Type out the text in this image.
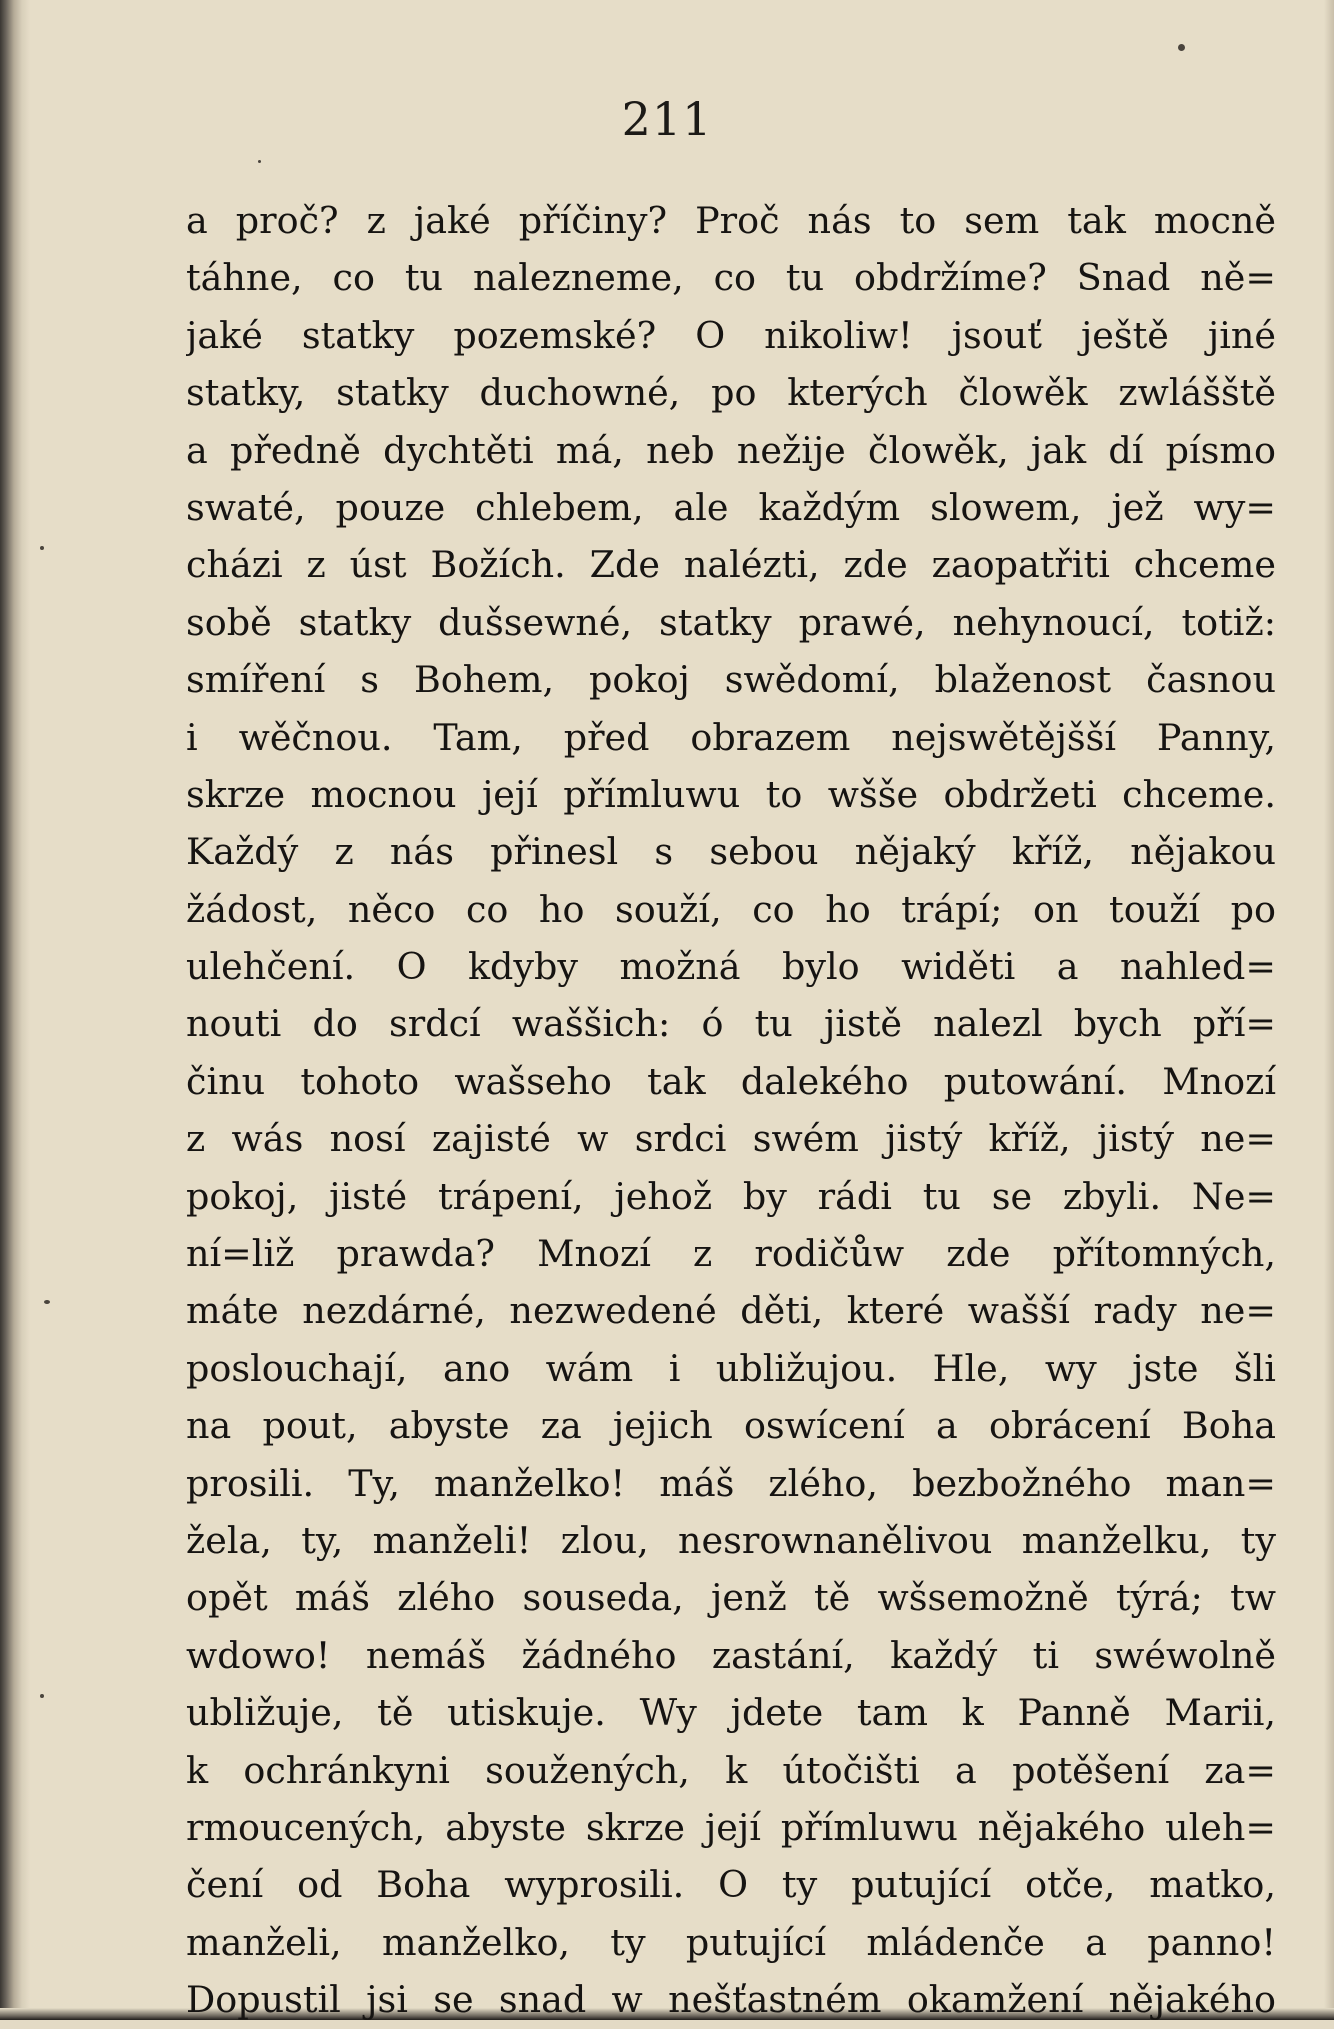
211
a proč? z jaké příčiny? Proč nás to sem tak mocně
táhne, co tu nalezneme, co tu obdržíme? Snad ně=
jaké statky pozemské? O nikoliw! jsouť ještě jiné
statky, statky duchowné, po kterých člowěk zwlášště
a předně dychtěti má, neb nežije člowěk, jak dí písmo
swaté, pouze chlebem, ale každým slowem, jež wy=
cházi z úst Božích. Zde nalézti, zde zaopatřiti chceme
sobě statky dušsewné, statky prawé, nehynoucí, totiž:
smíření s Bohem, pokoj swědomí, blaženost časnou
i wěčnou. Tam, před obrazem nejswětějšší Panny,
skrze mocnou její přímluwu to wšše obdržeti chceme.
Každý z nás přinesl s sebou nějaký kříž, nějakou
žádost, něco co ho souží, co ho trápí; on touží po
ulehčení. O kdyby možná bylo widěti a nahled=
nouti do srdcí waššich: ó tu jistě nalezl bych pří=
činu tohoto wašseho tak dalekého putowání. Mnozí
z wás nosí zajisté w srdci swém jistý kříž, jistý ne=
pokoj, jisté trápení, jehož by rádi tu se zbyli. Ne=
ní=liž prawda? Mnozí z rodičůw zde přítomných,
máte nezdárné, nezwedené děti, které wašší rady ne=
poslouchají, ano wám i ubližujou. Hle, wy jste šli
na pout, abyste za jejich oswícení a obrácení Boha
prosili. Ty, manželko! máš zlého, bezbožného man=
žela, ty, manželi! zlou, nesrownanělivou manželku, ty
opět máš zlého souseda, jenž tě wšsemožně týrá; tw
wdowo! nemáš žádného zastání, každý ti swéwolně
ubližuje, tě utiskuje. Wy jdete tam k Panně Marii,
k ochránkyni soužených, k útočišti a potěšení za=
rmoucených, abyste skrze její přímluwu nějakého uleh=
čení od Boha wyprosili. O ty putující otče, matko,
manželi, manželko, ty putující mládenče a panno!
Dopustil jsi se snad w nešťastném okamžení nějakého
